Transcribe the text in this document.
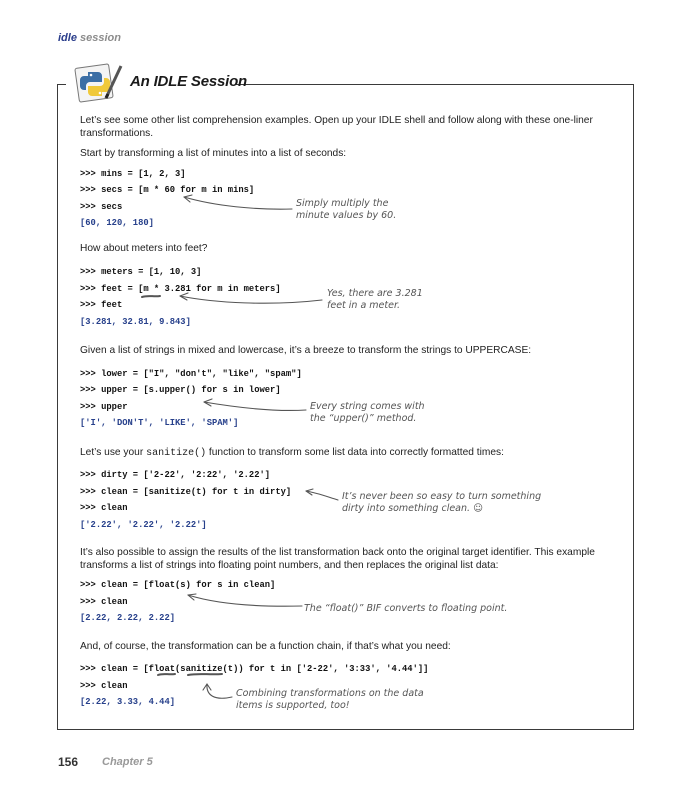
idle session
An IDLE Session
Let’s see some other list comprehension examples. Open up your IDLE shell and follow along with these one-liner transformations.
Start by transforming a list of minutes into a list of seconds:
>>> mins = [1, 2, 3]
>>> secs = [m * 60 for m in mins]
>>> secs
[60, 120, 180]
Simply multiply the
minute values by 60.
How about meters into feet?
>>> meters = [1, 10, 3]
>>> feet = [m * 3.281 for m in meters]
>>> feet
[3.281, 32.81, 9.843]
Yes, there are 3.281
feet in a meter.
Given a list of strings in mixed and lowercase, it’s a breeze to transform the strings to UPPERCASE:
>>> lower = ["I", "don't", "like", "spam"]
>>> upper = [s.upper() for s in lower]
>>> upper
['I', 'DON'T', 'LIKE', 'SPAM']
Every string comes with
the “upper()” method.
Let’s use your sanitize() function to transform some list data into correctly formatted times:
>>> dirty = ['2-22', '2:22', '2.22']
>>> clean = [sanitize(t) for t in dirty]
>>> clean
['2.22', '2.22', '2.22']
It’s never been so easy to turn something
dirty into something clean. ☺
It’s also possible to assign the results of the list transformation back onto the original target identifier. This example transforms a list of strings into floating point numbers, and then replaces the original list data:
>>> clean = [float(s) for s in clean]
>>> clean
[2.22, 2.22, 2.22]
The “float()” BIF converts to floating point.
And, of course, the transformation can be a function chain, if that’s what you need:
>>> clean = [float(sanitize(t)) for t in ['2-22', '3:33', '4.44']]
>>> clean
[2.22, 3.33, 4.44]
Combining transformations on the data
items is supported, too!
156 Chapter 5
